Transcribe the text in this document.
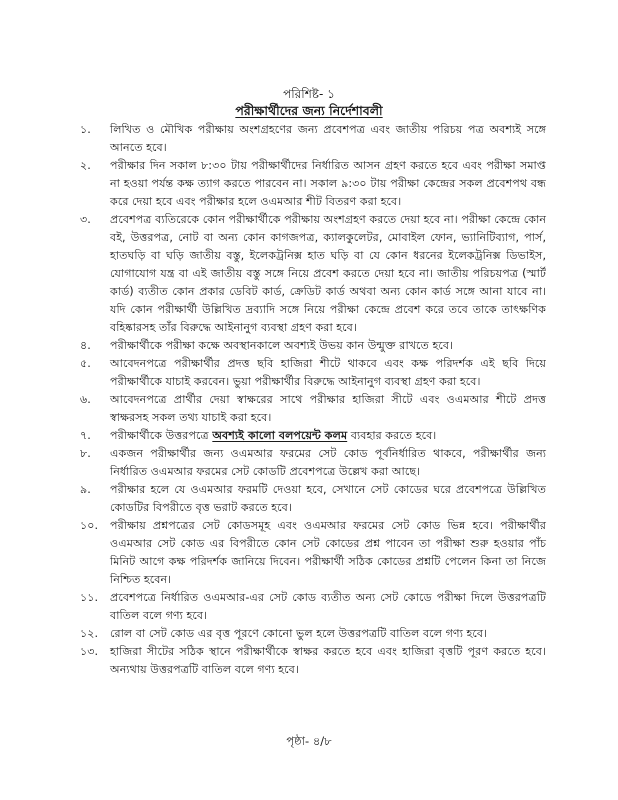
পরিশিষ্ট- ১
পরীক্ষার্থীদের জন্য নির্দেশাবলী
১.	লিখিত ও মৌখিক পরীক্ষায় অংশগ্রহণের জন্য প্রবেশপত্র এবং জাতীয় পরিচয় পত্র অবশ্যই সঙ্গে আনতে হবে।
২.	পরীক্ষার দিন সকাল ৮:৩০ টায় পরীক্ষার্থীদের নির্ধারিত আসন গ্রহণ করতে হবে এবং পরীক্ষা সমাপ্ত না হওয়া পর্যন্ত কক্ষ ত্যাগ করতে পারবেন না। সকাল ৯:৩০ টায় পরীক্ষা কেন্দ্রের সকল প্রবেশপথ বন্ধ করে দেয়া হবে এবং পরীক্ষার হলে ওএমআর শীট বিতরণ করা হবে।
৩.	প্রবেশপত্র ব্যতিরেকে কোন পরীক্ষার্থীকে পরীক্ষায় অংশগ্রহণ করতে দেয়া হবে না। পরীক্ষা কেন্দ্রে কোন বই, উত্তরপত্র, নোট বা অন্য কোন কাগজপত্র, ক্যালকুলেটর, মোবাইল ফোন, ভ্যানিটিব্যাগ, পার্স, হাতঘড়ি বা ঘড়ি জাতীয় বস্তু, ইলেকট্রনিক্স হাত ঘড়ি বা যে কোন ধরনের ইলেকট্রনিক্স ডিভাইস, যোগাযোগ যন্ত্র বা এই জাতীয় বস্তু সঙ্গে নিয়ে প্রবেশ করতে দেয়া হবে না। জাতীয় পরিচয়পত্র (স্মার্ট কার্ড) ব্যতীত কোন প্রকার ডেবিট কার্ড, ক্রেডিট কার্ড অথবা অন্য কোন কার্ড সঙ্গে আনা যাবে না। যদি কোন পরীক্ষার্থী উল্লিখিত দ্রব্যাদি সঙ্গে নিয়ে পরীক্ষা কেন্দ্রে প্রবেশ করে তবে তাকে তাৎক্ষণিক বহিষ্কারসহ তাঁর বিরুদ্ধে আইনানুগ ব্যবস্থা গ্রহণ করা হবে।
৪.	পরীক্ষার্থীকে পরীক্ষা কক্ষে অবস্থানকালে অবশ্যই উভয় কান উন্মুক্ত রাখতে হবে।
৫.	আবেদনপত্রে পরীক্ষার্থীর প্রদত্ত ছবি হাজিরা শীটে থাকবে এবং কক্ষ পরিদর্শক এই ছবি দিয়ে পরীক্ষার্থীকে যাচাই করবেন। ভুয়া পরীক্ষার্থীর বিরুদ্ধে আইনানুগ ব্যবস্থা গ্রহণ করা হবে।
৬.	আবেদনপত্রে প্রার্থীর দেয়া স্বাক্ষরের সাথে পরীক্ষার হাজিরা সীটে এবং ওএমআর শীটে প্রদত্ত স্বাক্ষরসহ সকল তথ্য যাচাই করা হবে।
৭.	পরীক্ষার্থীকে উত্তরপত্রে অবশ্যই কালো বলপয়েন্ট কলম ব্যবহার করতে হবে।
৮.	একজন পরীক্ষার্থীর জন্য ওএমআর ফরমের সেট কোড পূর্বনির্ধারিত থাকবে, পরীক্ষার্থীর জন্য নির্ধারিত ওএমআর ফরমের সেট কোডটি প্রবেশপত্রে উল্লেখ করা আছে।
৯.	পরীক্ষার হলে যে ওএমআর ফরমটি দেওয়া হবে, সেখানে সেট কোডের ঘরে প্রবেশপত্রে উল্লিখিত কোডটির বিপরীতে বৃত্ত ভরাট করতে হবে।
১০.	পরীক্ষায় প্রশ্নপত্রের সেট কোডসমূহ এবং ওএমআর ফরমের সেট কোড ভিন্ন হবে। পরীক্ষার্থীর ওএমআর সেট কোড এর বিপরীতে কোন সেট কোডের প্রশ্ন পাবেন তা পরীক্ষা শুরু হওয়ার পাঁচ মিনিট আগে কক্ষ পরিদর্শক জানিয়ে দিবেন। পরীক্ষার্থী সঠিক কোডের প্রশ্নটি পেলেন কিনা তা নিজে নিশ্চিত হবেন।
১১.	প্রবেশপত্রে নির্ধারিত ওএমআর-এর সেট কোড ব্যতীত অন্য সেট কোডে পরীক্ষা দিলে উত্তরপত্রটি বাতিল বলে গণ্য হবে।
১২.	রোল বা সেট কোড এর বৃত্ত পূরণে কোনো ভুল হলে উত্তরপত্রটি বাতিল বলে গণ্য হবে।
১৩.	হাজিরা সীটের সঠিক স্থানে পরীক্ষার্থীকে স্বাক্ষর করতে হবে এবং হাজিরা বৃত্তটি পূরণ করতে হবে। অন্যথায় উত্তরপত্রটি বাতিল বলে গণ্য হবে।
পৃষ্ঠা- ৪/৮
